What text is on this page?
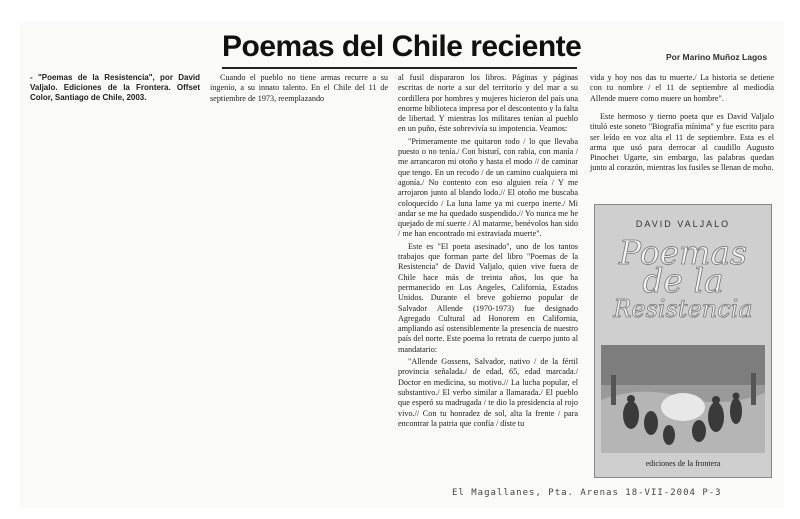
Poemas del Chile reciente	Por Marino Muñoz Lagos

- "Poemas de la Resistencia", por David Valjalo. Ediciones de la Frontera. Offset Color, Santiago de Chile, 2003.

Cuando el pueblo no tiene armas recurre a su ingenio, a su innato talento. En el Chile del 11 de septiembre de 1973, reemplazando

al fusil dispararon los libros. Páginas y páginas escritas de norte a sur del territorio y del mar a su cordillera por hombres y mujeres hicieron del país una enorme biblioteca impresa por el descontento y la falta de libertad. Y mientras los militares tenían al pueblo en un puño, éste sobrevivía su impotencia. Veamos:

"Primeramente me quitaron todo / lo que llevaba puesto o no tenía./ Con bisturí, con rabia, con manía / me arrancaron mi otoño y hasta el modo // de caminar que tengo. En un recodo / de un camino cualquiera mi agonía./ No contento con eso alguien reía / Y me arrojaron junto al blando lodo.// El otoño me buscaba coloquecido / La luna lame ya mi cuerpo inerte./ Mi andar se me ha quedado suspendido.// Yo nunca me he quejado de mi suerte / Al matarme, benévolos han sido / me han encontrado mi extraviada muerte".

Este es "El poeta asesinado", uno de los tantos trabajos que forman parte del libro "Poemas de la Resistencia" de David Valjalo, quien vive fuera de Chile hace más de treinta años, los que ha permanecido en Los Angeles, California, Estados Unidos. Durante el breve gobierno popular de Salvador Allende (1970-1973) fue designado Agregado Cultural ad Honorem en California, ampliando así ostensiblemente la presencia de nuestro país del norte. Este poema lo retrata de cuerpo junto al mandatario:

"Allende Gossens, Salvador, nativo / de la fértil provincia señalada./ de edad, 65, edad marcada./ Doctor en medicina, su motivo.// La lucha popular, el substantivo./ El verbo similar a llamarada./ El pueblo que esperó su madrugada / te dio la presidencia al rojo vivo.// Con tu honradez de sol, alta la frente / para encontrar la patria que confía / diste tu

vida y hoy nos das tu muerte./ La historia se detiene con tu nombre / el 11 de septiembre al mediodía Allende muere como muere un hombre".

Este hermoso y tierno poeta que es David Valjalo tituló este soneto "Biografía mínima" y fue escrito para ser leído en voz alta el 11 de septiembre. Esta es el arma que usó para derrocar al caudillo Augusto Pinochet Ugarte, sin embargo, las palabras quedan junto al corazón, mientras los fusiles se llenan de moho.

DAVID VALJALO
Poemas
de la
Resistencia
ediciones de la frontera
El Magallanes, Pta. Arenas 18-VII-2004 P-3
